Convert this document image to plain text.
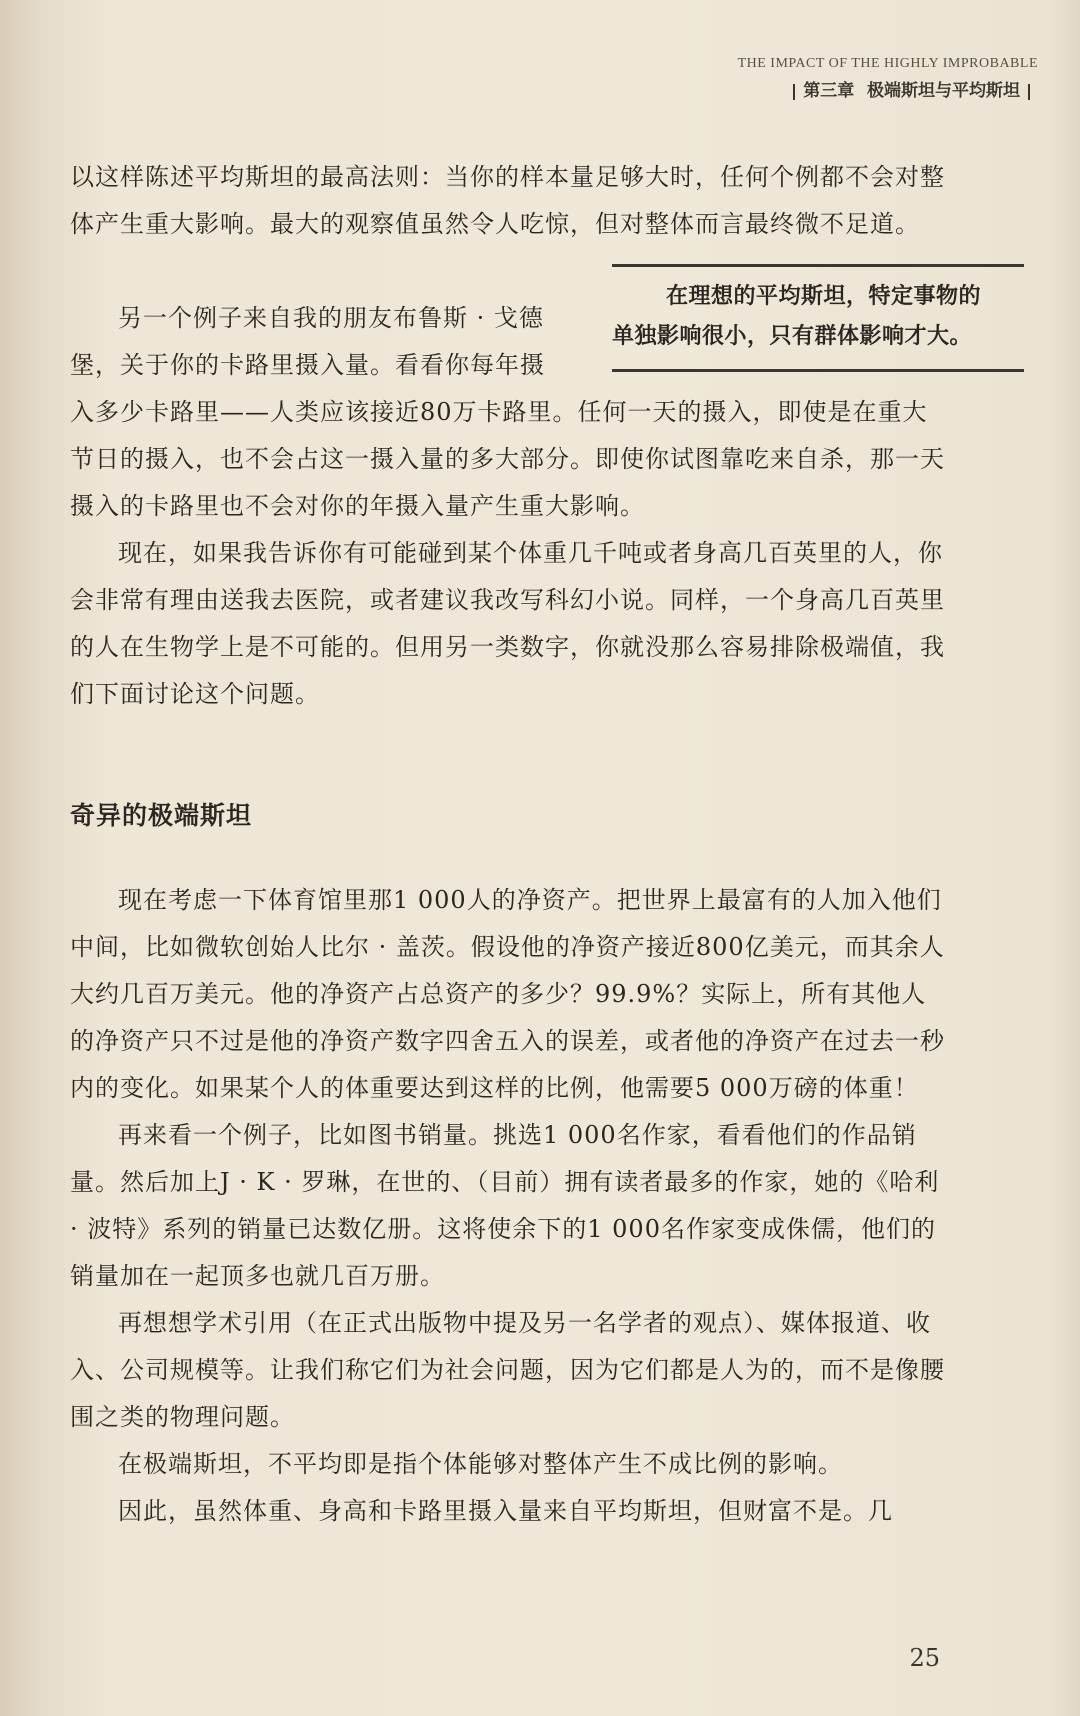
THE IMPACT OF THE HIGHLY IMPROBABLE
第三章 极端斯坦与平均斯坦

以这样陈述平均斯坦的最高法则：当你的样本量足够大时，任何个例都不会对整体产生重大影响。最大的观察值虽然令人吃惊，但对整体而言最终微不足道。

另一个例子来自我的朋友布鲁斯 · 戈德

堡，关于你的卡路里摄入量。看看你每年摄

在理想的平均斯坦，特定事物的
单独影响很小，只有群体影响才大。

入多少卡路里——人类应该接近80万卡路里。任何一天的摄入，即使是在重大节日的摄入，也不会占这一摄入量的多大部分。即使你试图靠吃来自杀，那一天摄入的卡路里也不会对你的年摄入量产生重大影响。

现在，如果我告诉你有可能碰到某个体重几千吨或者身高几百英里的人，你会非常有理由送我去医院，或者建议我改写科幻小说。同样，一个身高几百英里的人在生物学上是不可能的。但用另一类数字，你就没那么容易排除极端值，我们下面讨论这个问题。

奇异的极端斯坦

现在考虑一下体育馆里那1 000人的净资产。把世界上最富有的人加入他们中间，比如微软创始人比尔 · 盖茨。假设他的净资产接近800亿美元，而其余人大约几百万美元。他的净资产占总资产的多少？99.9%？实际上，所有其他人的净资产只不过是他的净资产数字四舍五入的误差，或者他的净资产在过去一秒内的变化。如果某个人的体重要达到这样的比例，他需要5 000万磅的体重！

再来看一个例子，比如图书销量。挑选1 000名作家，看看他们的作品销量。然后加上J · K · 罗琳，在世的、（目前）拥有读者最多的作家，她的《哈利 · 波特》系列的销量已达数亿册。这将使余下的1 000名作家变成侏儒，他们的销量加在一起顶多也就几百万册。

再想想学术引用（在正式出版物中提及另一名学者的观点）、媒体报道、收入、公司规模等。让我们称它们为社会问题，因为它们都是人为的，而不是像腰围之类的物理问题。

在极端斯坦，不平均即是指个体能够对整体产生不成比例的影响。

因此，虽然体重、身高和卡路里摄入量来自平均斯坦，但财富不是。几

25
